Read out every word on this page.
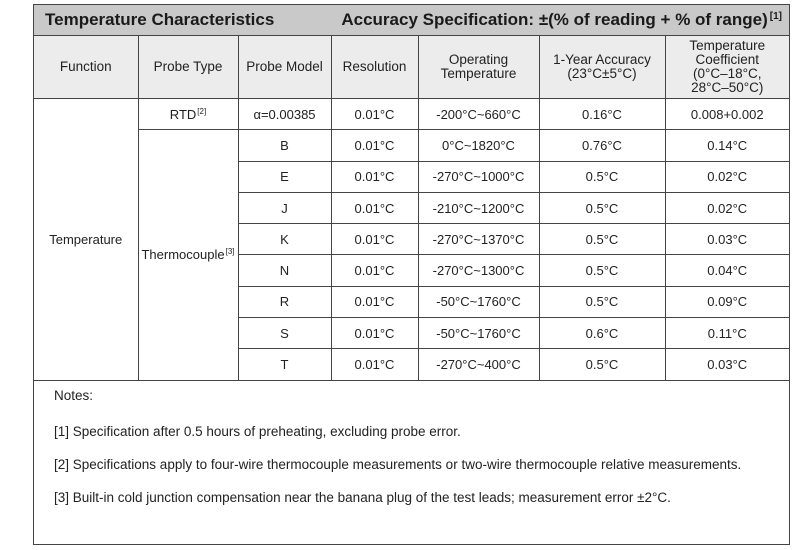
Temperature Characteristics	Accuracy Specification: ±(% of reading + % of range) [1]
Function	Probe Type	Probe Model	Resolution	Operating Temperature	1-Year Accuracy (23°C±5°C)	Temperature Coefficient (0°C–18°C, 28°C–50°C)
Temperature	RTD[2]	α=0.00385	0.01°C	-200°C~660°C	0.16°C	0.008+0.002
	Thermocouple[3]	B	0.01°C	0°C~1820°C	0.76°C	0.14°C
		E	0.01°C	-270°C~1000°C	0.5°C	0.02°C
		J	0.01°C	-210°C~1200°C	0.5°C	0.02°C
		K	0.01°C	-270°C~1370°C	0.5°C	0.03°C
		N	0.01°C	-270°C~1300°C	0.5°C	0.04°C
		R	0.01°C	-50°C~1760°C	0.5°C	0.09°C
		S	0.01°C	-50°C~1760°C	0.6°C	0.11°C
		T	0.01°C	-270°C~400°C	0.5°C	0.03°C

Notes:

[1] Specification after 0.5 hours of preheating, excluding probe error.

[2] Specifications apply to four-wire thermocouple measurements or two-wire thermocouple relative measurements.

[3] Built-in cold junction compensation near the banana plug of the test leads; measurement error ±2°C.
